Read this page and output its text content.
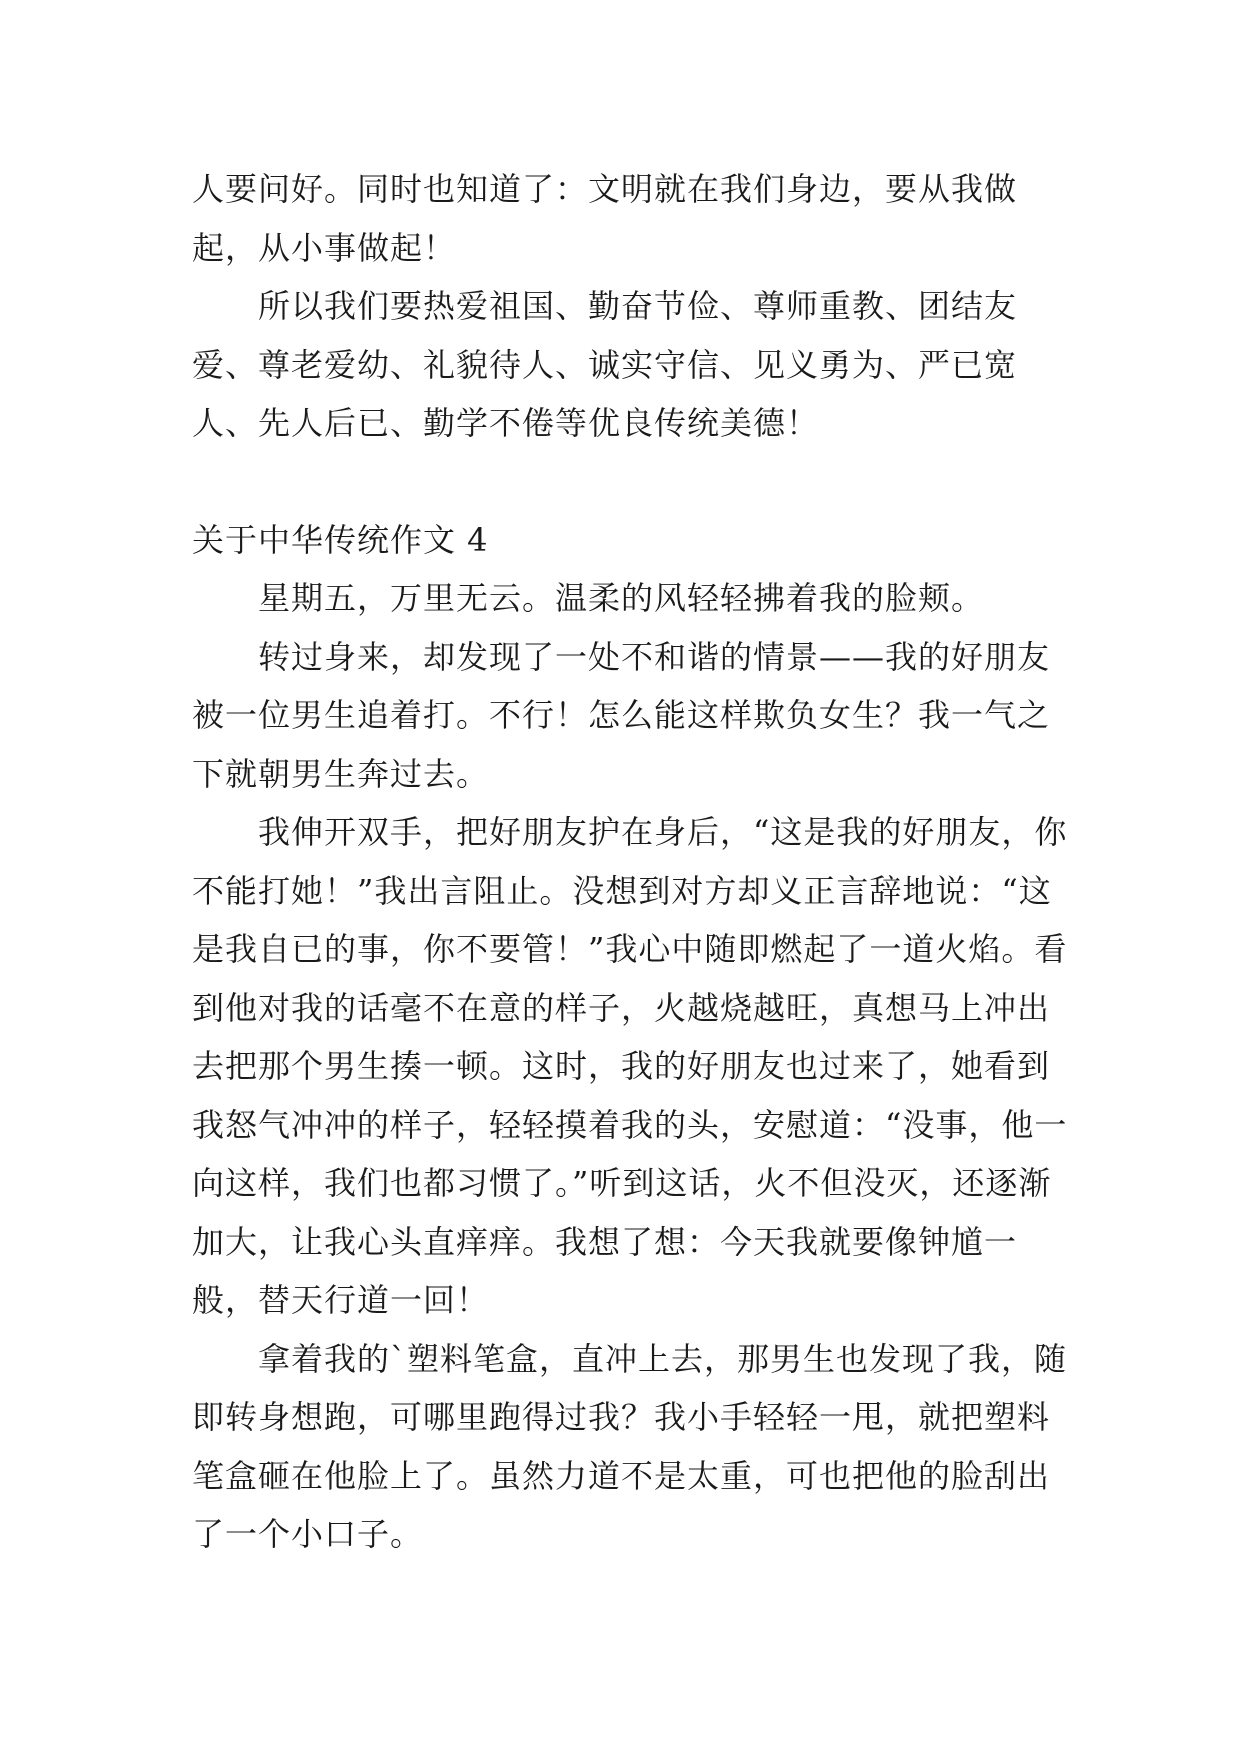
人要问好。同时也知道了：文明就在我们身边，要从我做起，从小事做起！

所以我们要热爱祖国、勤奋节俭、尊师重教、团结友爱、尊老爱幼、礼貌待人、诚实守信、见义勇为、严已宽人、先人后已、勤学不倦等优良传统美德！

关于中华传统作文 4

星期五，万里无云。温柔的风轻轻拂着我的脸颊。

转过身来，却发现了一处不和谐的情景——我的好朋友被一位男生追着打。不行！怎么能这样欺负女生？我一气之下就朝男生奔过去。

我伸开双手，把好朋友护在身后，“这是我的好朋友，你不能打她！”我出言阻止。没想到对方却义正言辞地说：“这是我自已的事，你不要管！”我心中随即燃起了一道火焰。看到他对我的话毫不在意的样子，火越烧越旺，真想马上冲出去把那个男生揍一顿。这时，我的好朋友也过来了，她看到我怒气冲冲的样子，轻轻摸着我的头，安慰道：“没事，他一向这样，我们也都习惯了。”听到这话，火不但没灭，还逐渐加大，让我心头直痒痒。我想了想：今天我就要像钟馗一般，替天行道一回！

拿着我的`塑料笔盒，直冲上去，那男生也发现了我，随即转身想跑，可哪里跑得过我？我小手轻轻一甩，就把塑料笔盒砸在他脸上了。虽然力道不是太重，可也把他的脸刮出了一个小口子。
